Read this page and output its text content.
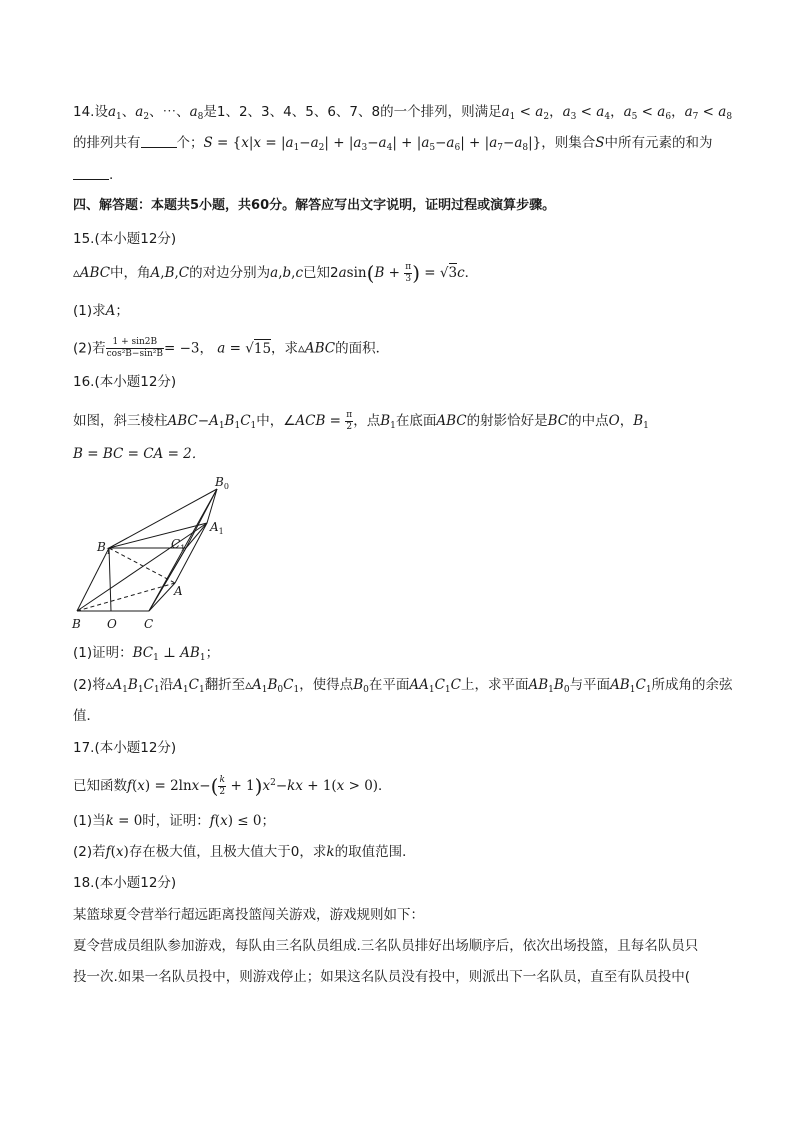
14.设$a_1$、$a_2$、⋯、$a_8$是1、2、3、4、5、6、7、8的一个排列，则满足$a_1 < a_2$，$a_3 < a_4$，$a_5 < a_6$，$a_7 < a_8$
的排列共有	个；$S = \{x|x = |a_1-a_2| + |a_3-a_4| + |a_5-a_6| + |a_7-a_8|\}$，则集合S中所有元素的和为
.
四、解答题：本题共5小题，共60分。解答应写出文字说明，证明过程或演算步骤。
15.(本小题12分)
▵ABC中，角A,B,C的对边分别为a,b,c已知$2asin(B + \frac{\pi}{3}$ ) = √3c．
(1)求A；
(2)若 $\frac{1 + \sin 2B}{\text{cos²B−sin²B}} = -3$， a = √15，求▵ABC的面积．
16.(本小题12分)
如图，斜三棱柱$ABC-A_1B_1C_1$中，∠ACB = $\frac{\pi}{2}$ ，点$B_1$在底面ABC的射影恰好是BC的中点O，$B_1$
B = BC = CA = 2．
$B_0$
$A_1$
$B_1$
$C_1$
A
B O C
(1)证明：$BC_1$ ⊥ $AB_1$；
(2)将$▵A_1B_1C_1$沿$A_1C_1$翻折至$▵A_1B_0C_1$，使得点$B_0$在平面$AA_1C_1C$上，求平面$AB_1B_0$与平面$AB_1C_1$所成角的余弦
值．
17.(本小题12分)
已知函数$f(x) = 2\ln x-( \frac{k}{2} + 1)x^2-kx + 1(x > 0)$．
(1)当k = 0时，证明：f(x) ≤ 0；
(2)若f(x)存在极大值，且极大值大于0，求k的取值范围．
18.(本小题12分)
某篮球夏令营举行超远距离投篮闯关游戏，游戏规则如下：
夏令营成员组队参加游戏，每队由三名队员组成.三名队员排好出场顺序后，依次出场投篮，且每名队员只
投一次.如果一名队员投中，则游戏停止；如果这名队员没有投中，则派出下一名队员，直至有队员投中(
